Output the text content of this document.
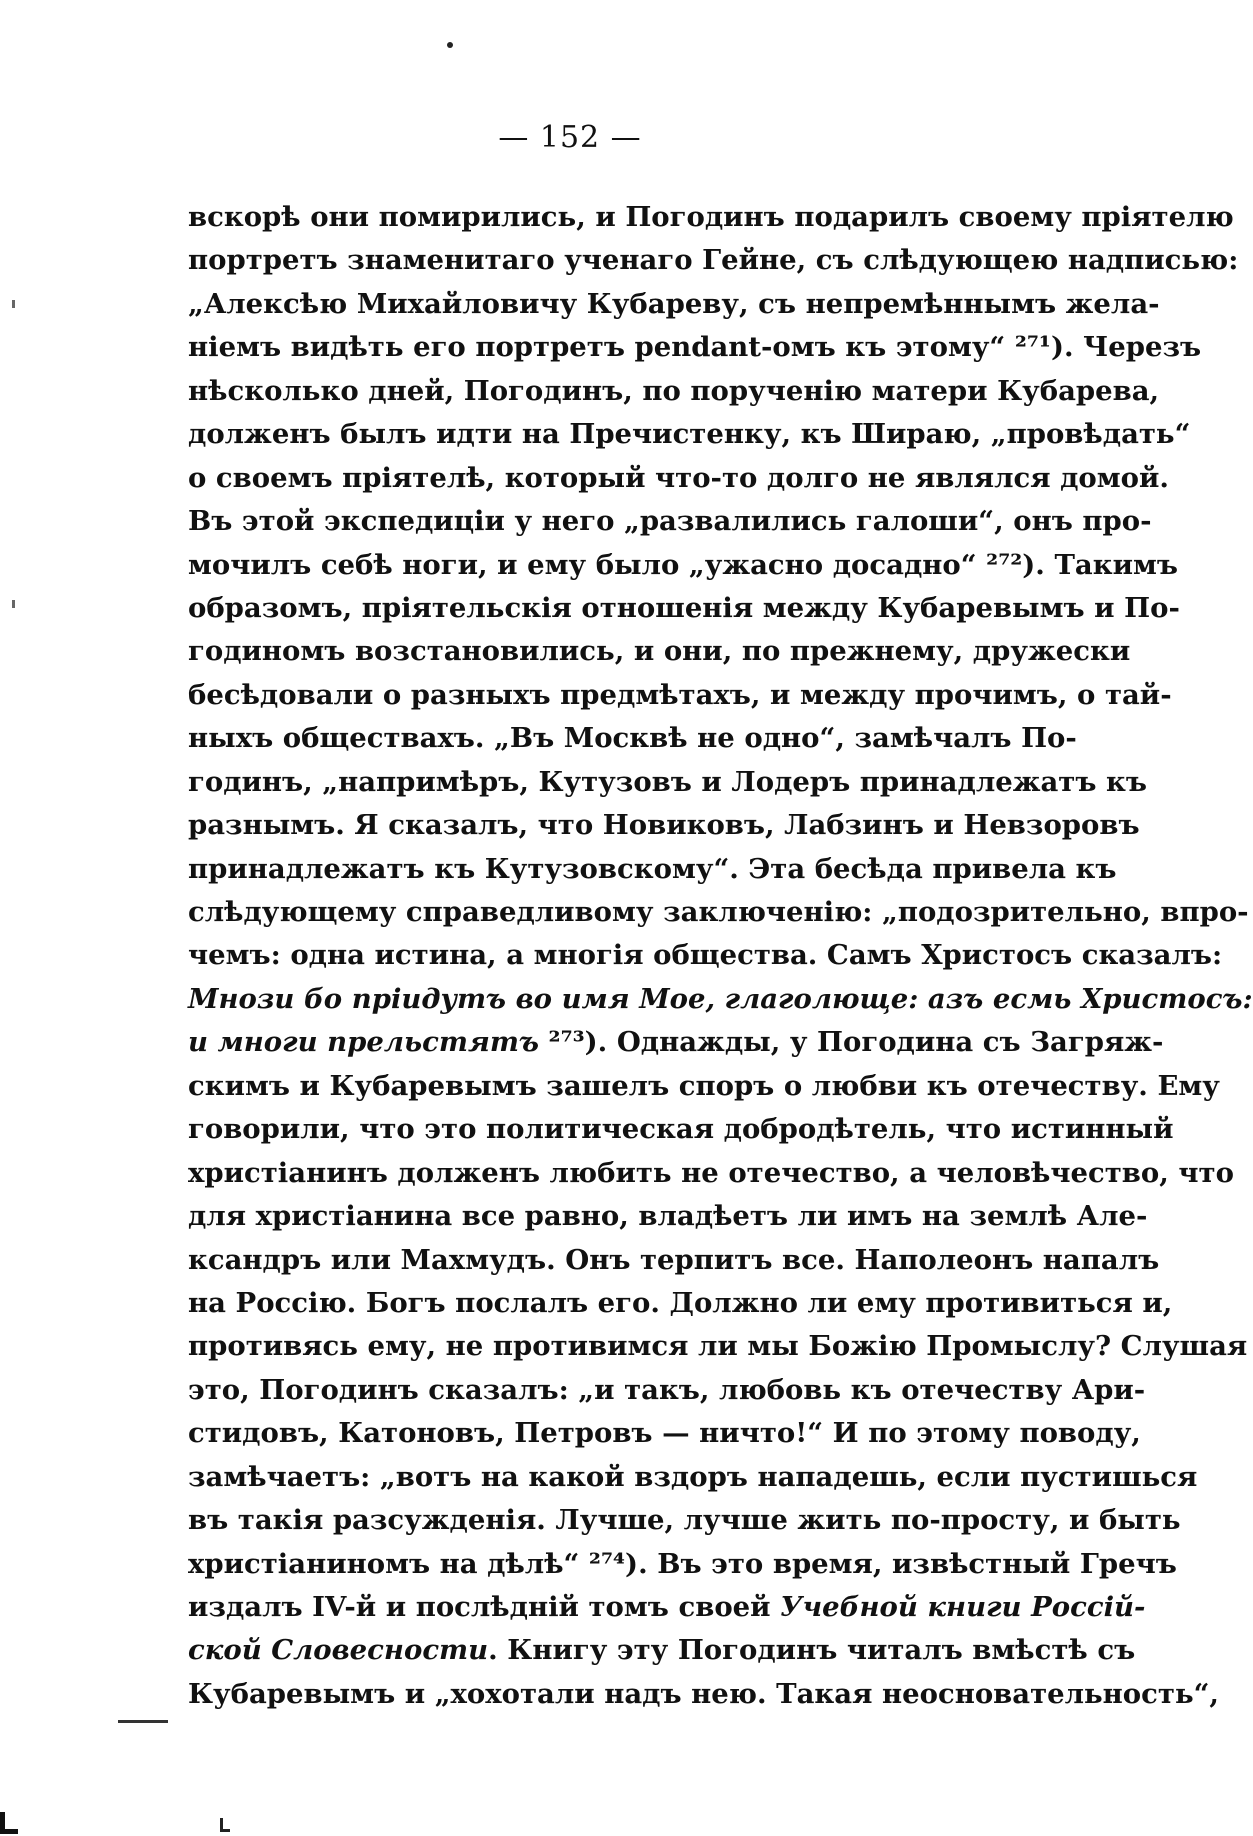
— 152 —
вскорѣ они помирились, и Погодинъ подарилъ своему прiятелю
портретъ знаменитаго ученаго Гейне, съ слѣдующею надписью:
„Алексѣю Михайловичу Кубареву, съ непремѣннымъ жела-
нiемъ видѣть его портретъ pendant-омъ къ этому“ ²⁷¹). Черезъ
нѣсколько дней, Погодинъ, по порученiю матери Кубарева,
долженъ былъ идти на Пречистенку, къ Шираю, „провѣдать“
о своемъ прiятелѣ, который что-то долго не являлся домой.
Въ этой экспедицiи у него „развалились галоши“, онъ про-
мочилъ себѣ ноги, и ему было „ужасно досадно“ ²⁷²). Такимъ
образомъ, прiятельскiя отношенiя между Кубаревымъ и По-
годиномъ возстановились, и они, по прежнему, дружески
бесѣдовали о разныхъ предмѣтахъ, и между прочимъ, о тай-
ныхъ обществахъ. „Въ Москвѣ не одно“, замѣчалъ По-
годинъ, „напримѣръ, Кутузовъ и Лодеръ принадлежатъ къ
разнымъ. Я сказалъ, что Новиковъ, Лабзинъ и Невзоровъ
принадлежатъ къ Кутузовскому“. Эта бесѣда привела къ
слѣдующему справедливому заключенiю: „подозрительно, впро-
чемъ: одна истина, а многiя общества. Самъ Христосъ сказалъ:
Мнози бо прiидутъ во имя Мое, глаголюще: азъ есмь Христосъ:
и многи прельстятъ ²⁷³). Однажды, у Погодина съ Загряж-
скимъ и Кубаревымъ зашелъ споръ о любви къ отечеству. Ему
говорили, что это политическая добродѣтель, что истинный
христiанинъ долженъ любить не отечество, а человѣчество, что
для христiанина все равно, владѣетъ ли имъ на землѣ Але-
ксандръ или Махмудъ. Онъ терпитъ все. Наполеонъ напалъ
на Россiю. Богъ послалъ его. Должно ли ему противиться и,
противясь ему, не противимся ли мы Божiю Промыслу? Слушая
это, Погодинъ сказалъ: „и такъ, любовь къ отечеству Ари-
стидовъ, Катоновъ, Петровъ — ничто!“ И по этому поводу,
замѣчаетъ: „вотъ на какой вздоръ нападешь, если пустишься
въ такiя разсужденiя. Лучше, лучше жить по-просту, и быть
христiаниномъ на дѣлѣ“ ²⁷⁴). Въ это время, извѣстный Гречъ
издалъ IV-й и послѣднiй томъ своей Учебной книги Россiй-
ской Словесности. Книгу эту Погодинъ читалъ вмѣстѣ съ
Кубаревымъ и „хохотали надъ нею. Такая неосновательность“,
